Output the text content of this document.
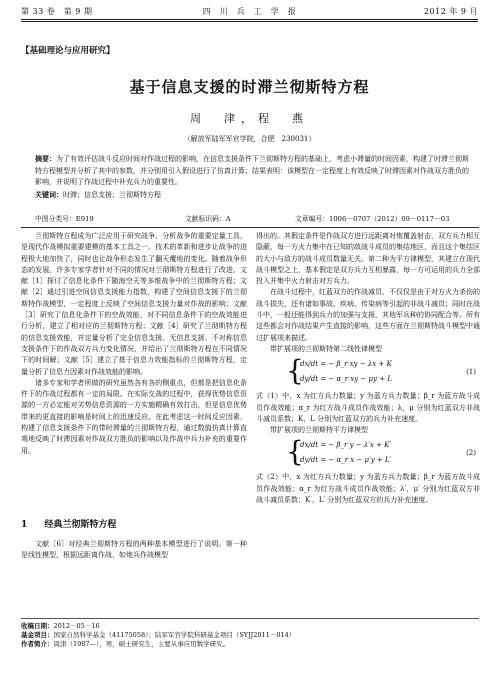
第 33 卷　第 9 期	四　川　兵　工　学　报	2012 年 9 月
【基础理论与应用研究】
基于信息支援的时滞兰彻斯特方程
周　津，程　燕
（解放军陆军军官学院，合肥　230031）
摘要：为了有效评估战斗反应时间对作战过程的影响，在信息支援条件下兰彻斯特方程的基础上，考虑小滞量的时间因素，构建了时滞兰彻斯特方程模型并分析了其中的参数，并分别用引入假设进行了仿真计算；结果表明：该模型在一定程度上有效反映了时滞因素对作战双方胜负的影响，并说明了作战过程中补充兵力的重要性。
关键词：时滞；信息支援；兰彻斯特方程
中图分类号：E919	文献标识码：A	文章编号：1006－0707（2012）09－0117－03

兰彻斯特方程成为广泛应用于研究战争、分析战争的重要定量工具，是现代作战模拟重要建模的基本工具之一。技术的革新和进步让战争的进程极大地加快了，同时也让战争形态发生了翻天覆地的变化。随着战争形态的发展，许多专家学者针对不同的情况对兰彻斯特方程进行了改进。文献［1］探讨了信息化条件下随海空天等多维战争中的兰彻斯特方程；文献［2］通过引进空间信息支援能力指数，构建了空间信息支援下的兰彻斯特作战模型，一定程度上反映了空间信息支援力量对作战的影响；文献［3］研究了信息化条件下的空战效能，对不同信息条件下的空战效能进行分析，建立了相对应的兰彻斯特方程；文献［4］研究了兰彻斯特方程的信息支援效能，并定量分析了完全信息支援、无信息支援、不对称信息支援条件下的作战双方兵力变化情况，并给出了兰彻斯特方程在不同情况下的时间解；文献［5］建立了基于信息力效能指标的兰彻斯特方程，定量分析了信息力因素对作战效能的影响。

诸多专家和学者所做的研究虽然各有各的侧重点，但都是把信息化条件下的作战过程都有一定的局限。在实际交战的过程中，获得优势信息资源的一方必定能对劣势信息资源的一方实施精确有效打击，但是信息优势带来的更直接的影响是时间上的迅速反应。在此考虑这一时间反应因素，构建了信息支援条件下的带时滞量的兰彻斯特方程，通过数值仿真计算直观地反映了时滞因素对作战双方胜负的影响以及作战中兵力补充的重要作用。

1 经典兰彻斯特方程

文献［6］对经典兰彻斯特方程的两种基本模型进行了说明。第一种是线性模型，根据远距离作战，如炮兵作战模型

得出的。其假定条件是作战双方进行远距离对炮覆盖射击，双方兵力相互隐蔽，每一方火力集中在已知的敌战斗成员的集结地区，而且这个集结区的大小与敌方的战斗成员数量无关。第二种为平方律模型，其建立在现代战斗模型之上，基本假定是双方兵力互相暴露，每一方可运用的兵力全部投入并集中火力射击对方兵力。

在战斗过程中，红蓝双方的作战减员，不仅仅是由于对方火力杀伤的战斗损失，还有诸如事故、疾病、传染病等引起的非战斗减员；同时在战斗中，一般还能得到兵力的加强与支援，其他军兵种的协同配合等。所有这些都会对作战结果产生直接的影响，这些方面在兰彻斯特战斗模型中通过扩展项来描述。

带扩展项的兰彻斯特第二线性律模型

{
dx/dt = − β_r xy − λx + K
dy/dt = − α_r xy − μy + L
(1)

式（1）中，x 为红方兵力数量；y 为蓝方兵力数量；β_r 为蓝方战斗成员作战效能；α_r 为红方战斗成员作战效能；λ，μ 分别为红蓝双方非战斗减员系数；K，L 分别为红蓝双方的兵力补充速度。

带扩展项的兰彻斯特平方律模型

{
dx/dt = − β_r y − λ′x + K′
dy/dt = − α_r x − μ′y + L′
(2)

式（2）中，x 为红方兵力数量；y 为蓝方兵力数量；β_r 为蓝方战斗成员作战效能；α_r 为红方战斗成员作战效能；λ′，μ′ 分别为红蓝双方非战斗减员系数；K′，L′ 分别为红蓝双方的兵力补充速度。

收稿日期：2012－05－16
基金项目：国家自然科学基金（41175058）；陆军军官学院科研基金项目（SYJJ2011－014）
作者简介：周津（1987—），男，硕士研究生，主要从事应用数学研究。
